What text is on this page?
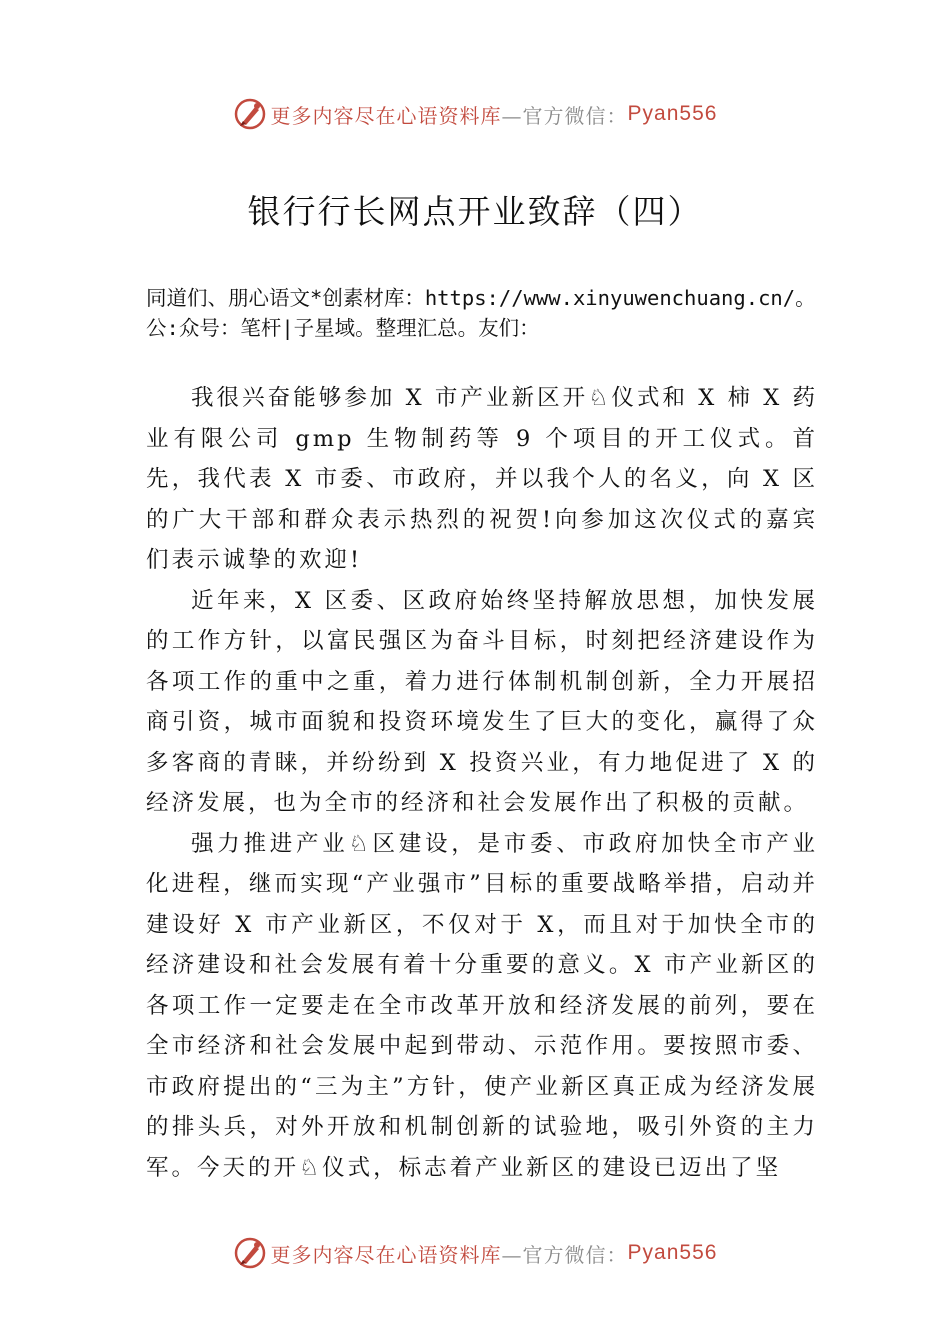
更多内容尽在心语资料库 —官方微信： Pyan556
银行行长网点开业致辞（四）
同道们、朋心语文*创素材库：https://www.xinyuwenchuang.cn/。公:众号：笔杆|子星域。整理汇总。友们：

我很兴奋能够参加 X 市产业新区开♘仪式和 X 柿 X 药业有限公司 gmp 生物制药等 9 个项目的开工仪式。首先，我代表 X 市委、市政府，并以我个人的名义，向 X 区的广大干部和群众表示热烈的祝贺!向参加这次仪式的嘉宾们表示诚挚的欢迎!

近年来，X 区委、区政府始终坚持解放思想，加快发展的工作方针，以富民强区为奋斗目标，时刻把经济建设作为各项工作的重中之重，着力进行体制机制创新，全力开展招商引资，城市面貌和投资环境发生了巨大的变化，赢得了众多客商的青睐，并纷纷到 X 投资兴业，有力地促进了 X 的经济发展，也为全市的经济和社会发展作出了积极的贡献。

强力推进产业♘区建设，是市委、市政府加快全市产业化进程，继而实现“产业强市”目标的重要战略举措，启动并建设好 X 市产业新区，不仅对于 X，而且对于加快全市的经济建设和社会发展有着十分重要的意义。X 市产业新区的各项工作一定要走在全市改革开放和经济发展的前列，要在全市经济和社会发展中起到带动、示范作用。要按照市委、 市政府提出的“三为主”方针，使产业新区真正成为经济发展的排头兵，对外开放和机制创新的试验地，吸引外资的主力军。今天的开♘仪式，标志着产业新区的建设已迈出了坚

更多内容尽在心语资料库 —官方微信： Pyan556
